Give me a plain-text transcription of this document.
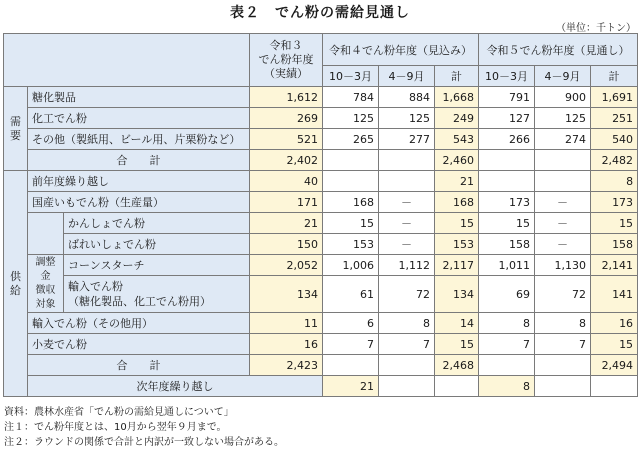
表２　でん粉の需給見通し
（単位：千トン）
			令和３
でん粉年度
（実績）	令和４でん粉年度（見込み）			令和５でん粉年度（見通し）			
				10－3月	4－9月	計	10－3月	4－9月	計	
需要	糖化製品		1,612	784	884	1,668	791	900	1,691	
	化工でん粉		269	125	125	249	127	125	251	
	その他（製紙用、ビール用、片栗粉など）		521	265	277	543	266	274	540	
	合　　計		2,402			2,460			2,482	
供給	前年度繰り越し		40			21			8	
	国産いもでん粉（生産量）		171	168	－	168	173	－	173	
		かんしょでん粉	21	15	－	15	15	－	15	
		ばれいしょでん粉	150	153	－	153	158	－	158	
	調整金
徴収
対象	コーンスターチ	2,052	1,006	1,112	2,117	1,011	1,130	2,141	
		輸入でん粉
（糖化製品、化工でん粉用）	134	61	72	134	69	72	141	
	輸入でん粉（その他用）		11	6	8	14	8	8	16	
	小麦でん粉		16	7	7	15	7	7	15	
	合　　計		2,423			2,468			2,494	
	次年度繰り越し			21			8			
資料：農林水産省「でん粉の需給見通しについて」
注１：でん粉年度とは、10月から翌年９月まで。
注２：ラウンドの関係で合計と内訳が一致しない場合がある。
